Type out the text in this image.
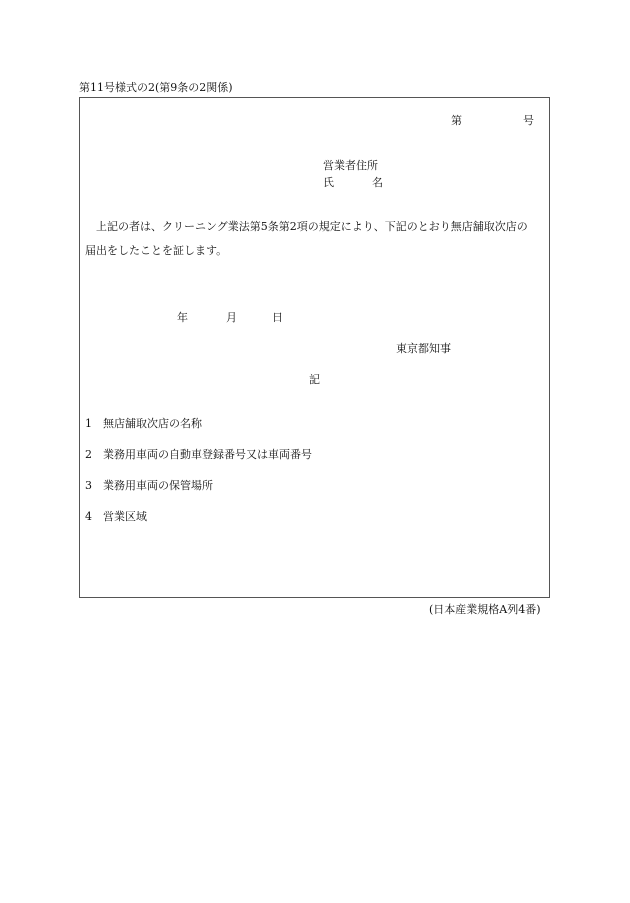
第11号様式の2(第9条の2関係)
第	号
営業者住所
氏	名
上記の者は、クリーニング業法第5条第2項の規定により、下記のとおり無店舗取次店の
届出をしたことを証します。
年	月	日
東京都知事
記
1 無店舗取次店の名称
2 業務用車両の自動車登録番号又は車両番号
3 業務用車両の保管場所
4 営業区域
(日本産業規格A列4番)
